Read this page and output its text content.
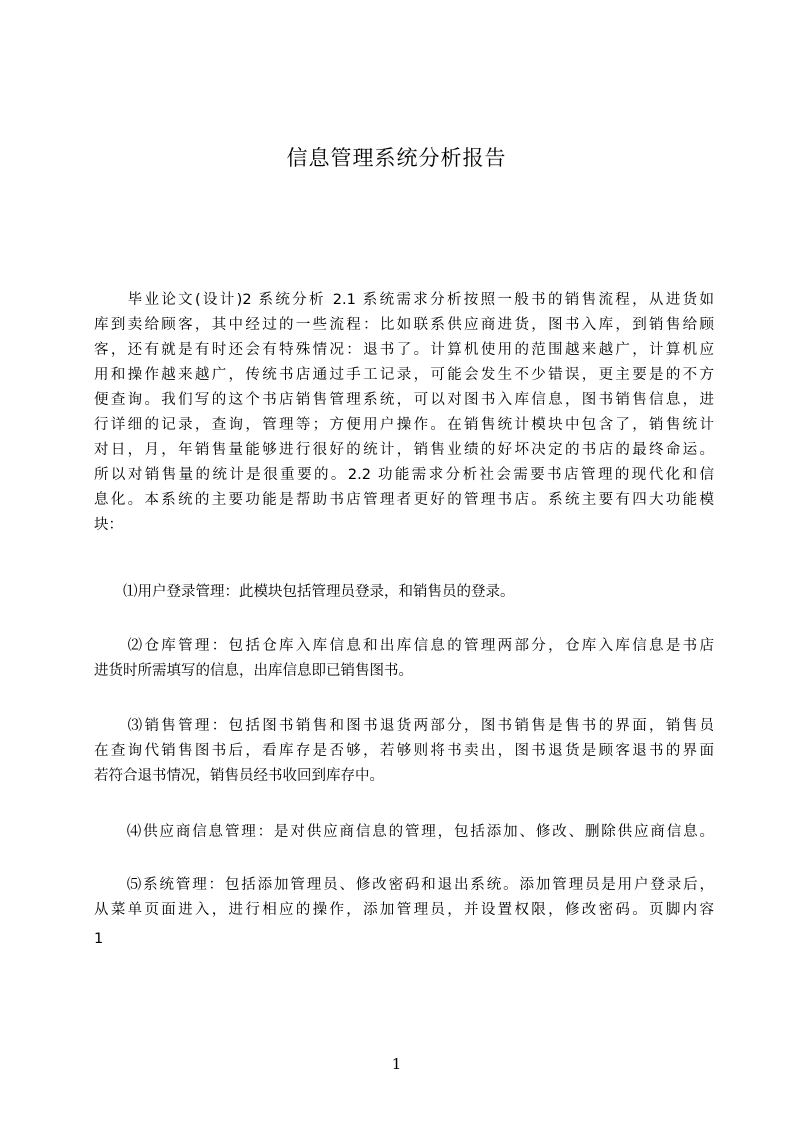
信息管理系统分析报告
　　毕业论文(设计)2 系统分析 2.1 系统需求分析按照一般书的销售流程，从进货如
库到卖给顾客，其中经过的一些流程：比如联系供应商进货，图书入库，到销售给顾
客，还有就是有时还会有特殊情况：退书了。计算机使用的范围越来越广，计算机应
用和操作越来越广，传统书店通过手工记录，可能会发生不少错误，更主要是的不方
便查询。我们写的这个书店销售管理系统，可以对图书入库信息，图书销售信息，进
行详细的记录，查询，管理等；方便用户操作。在销售统计模块中包含了，销售统计
对日，月，年销售量能够进行很好的统计，销售业绩的好坏决定的书店的最终命运。
所以对销售量的统计是很重要的。2.2 功能需求分析社会需要书店管理的现代化和信
息化。本系统的主要功能是帮助书店管理者更好的管理书店。系统主要有四大功能模
块：
　　⑴用户登录管理：此模块包括管理员登录，和销售员的登录。
　　⑵仓库管理：包括仓库入库信息和出库信息的管理两部分，仓库入库信息是书店
进货时所需填写的信息，出库信息即已销售图书。
　　⑶销售管理：包括图书销售和图书退货两部分，图书销售是售书的界面，销售员
在查询代销售图书后，看库存是否够，若够则将书卖出，图书退货是顾客退书的界面
若符合退书情况，销售员经书收回到库存中。
　　⑷供应商信息管理：是对供应商信息的管理，包括添加、修改、删除供应商信息。
　　⑸系统管理：包括添加管理员、修改密码和退出系统。添加管理员是用户登录后，
从菜单页面进入，进行相应的操作，添加管理员，并设置权限，修改密码。页脚内容

1

1
